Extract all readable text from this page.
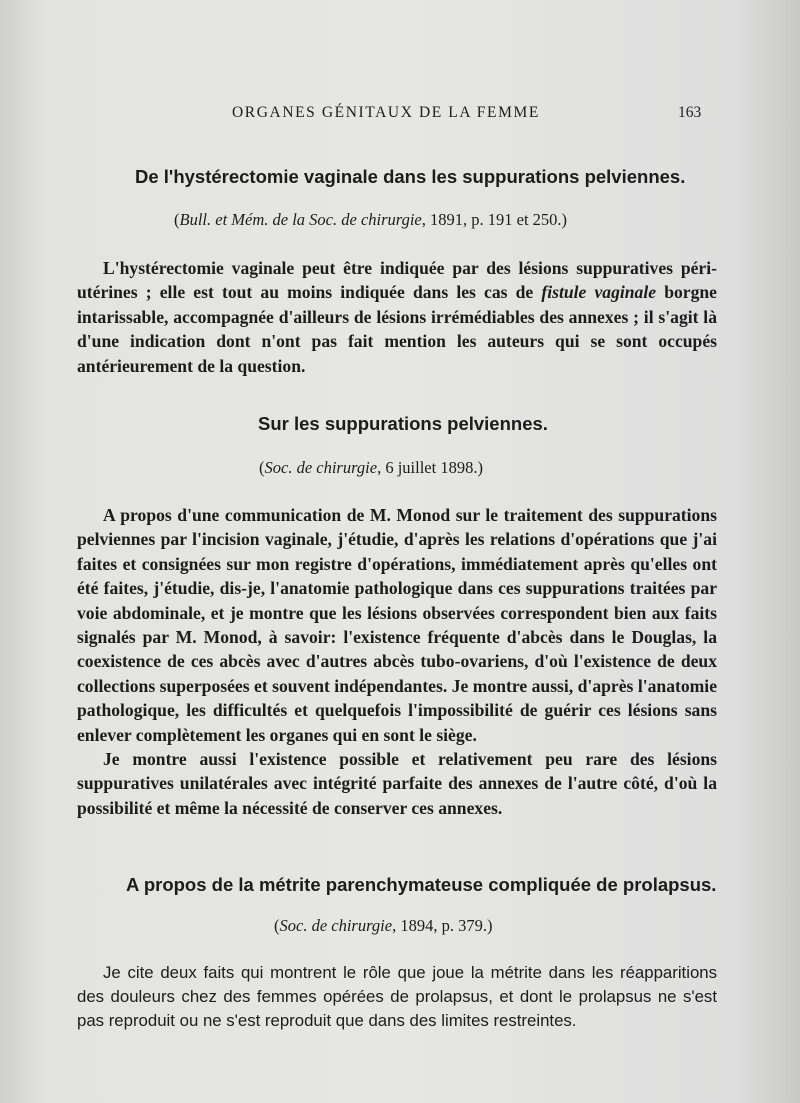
ORGANES GÉNITAUX DE LA FEMME	163
De l'hystérectomie vaginale dans les suppurations pelviennes.
(Bull. et Mém. de la Soc. de chirurgie, 1891, p. 191 et 250.)

L'hystérectomie vaginale peut être indiquée par des lésions suppuratives péri-utérines ; elle est tout au moins indiquée dans les cas de fistule vaginale borgne intarissable, accompagnée d'ailleurs de lésions irrémédiables des annexes ; il s'agit là d'une indication dont n'ont pas fait mention les auteurs qui se sont occupés antérieurement de la question.

Sur les suppurations pelviennes.
(Soc. de chirurgie, 6 juillet 1898.)

A propos d'une communication de M. Monod sur le traitement des suppurations pelviennes par l'incision vaginale, j'étudie, d'après les relations d'opérations que j'ai faites et consignées sur mon registre d'opérations, immédiatement après qu'elles ont été faites, j'étudie, dis-je, l'anatomie pathologique dans ces suppurations traitées par voie abdominale, et je montre que les lésions observées correspondent bien aux faits signalés par M. Monod, à savoir: l'existence fréquente d'abcès dans le Douglas, la coexistence de ces abcès avec d'autres abcès tubo-ovariens, d'où l'existence de deux collections superposées et souvent indépendantes. Je montre aussi, d'après l'anatomie pathologique, les difficultés et quelquefois l'impossibilité de guérir ces lésions sans enlever complètement les organes qui en sont le siège.

Je montre aussi l'existence possible et relativement peu rare des lésions suppuratives unilatérales avec intégrité parfaite des annexes de l'autre côté, d'où la possibilité et même la nécessité de conserver ces annexes.

A propos de la métrite parenchymateuse compliquée de prolapsus.
(Soc. de chirurgie, 1894, p. 379.)

Je cite deux faits qui montrent le rôle que joue la métrite dans les réapparitions des douleurs chez des femmes opérées de prolapsus, et dont le prolapsus ne s'est pas reproduit ou ne s'est reproduit que dans des limites restreintes.
